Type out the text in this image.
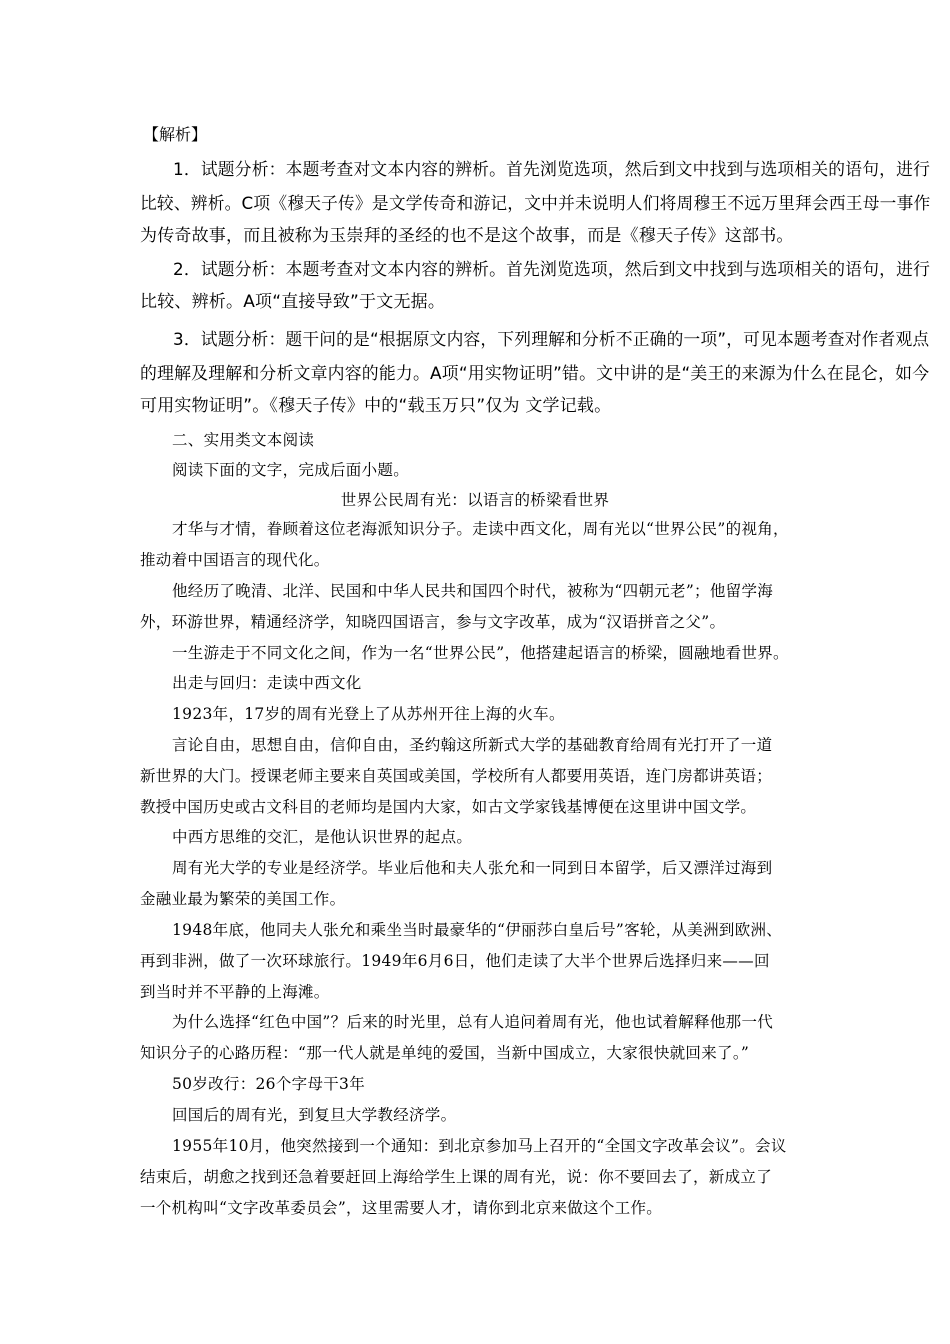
【解析】
1．试题分析：本题考查对文本内容的辨析。首先浏览选项，然后到文中找到与选项相关的语句，进行
比较、辨析。C项《穆天子传》是文学传奇和游记，文中并未说明人们将周穆王不远万里拜会西王母一事作
为传奇故事，而且被称为玉崇拜的圣经的也不是这个故事，而是《穆天子传》这部书。
2．试题分析：本题考查对文本内容的辨析。首先浏览选项，然后到文中找到与选项相关的语句，进行
比较、辨析。A项“直接导致”于文无据。
3．试题分析：题干问的是“根据原文内容，下列理解和分析不正确的一项”，可见本题考查对作者观点
的理解及理解和分析文章内容的能力。A项“用实物证明”错。文中讲的是“美王的来源为什么在昆仑，如今
可用实物证明”。《穆天子传》中的“载玉万只”仅为 文学记载。
二、实用类文本阅读
阅读下面的文字，完成后面小题。
世界公民周有光：以语言的桥梁看世界
才华与才情，眷顾着这位老海派知识分子。走读中西文化，周有光以“世界公民”的视角，
推动着中国语言的现代化。
他经历了晚清、北洋、民国和中华人民共和国四个时代，被称为“四朝元老”；他留学海
外，环游世界，精通经济学，知晓四国语言，参与文字改革，成为“汉语拼音之父”。
一生游走于不同文化之间，作为一名“世界公民”，他搭建起语言的桥梁，圆融地看世界。
出走与回归：走读中西文化
1923年，17岁的周有光登上了从苏州开往上海的火车。
言论自由，思想自由，信仰自由，圣约翰这所新式大学的基础教育给周有光打开了一道
新世界的大门。授课老师主要来自英国或美国，学校所有人都要用英语，连门房都讲英语；
教授中国历史或古文科目的老师均是国内大家，如古文学家钱基博便在这里讲中国文学。
中西方思维的交汇，是他认识世界的起点。
周有光大学的专业是经济学。毕业后他和夫人张允和一同到日本留学，后又漂洋过海到
金融业最为繁荣的美国工作。
1948年底，他同夫人张允和乘坐当时最豪华的“伊丽莎白皇后号”客轮，从美洲到欧洲、
再到非洲，做了一次环球旅行。1949年6月6日，他们走读了大半个世界后选择归来——回
到当时并不平静的上海滩。
为什么选择“红色中国”？后来的时光里，总有人追问着周有光，他也试着解释他那一代
知识分子的心路历程：“那一代人就是单纯的爱国，当新中国成立，大家很快就回来了。”
50岁改行：26个字母干3年
回国后的周有光，到复旦大学教经济学。
1955年10月，他突然接到一个通知：到北京参加马上召开的“全国文字改革会议”。会议
结束后，胡愈之找到还急着要赶回上海给学生上课的周有光，说：你不要回去了，新成立了
一个机构叫“文字改革委员会”，这里需要人才，请你到北京来做这个工作。
